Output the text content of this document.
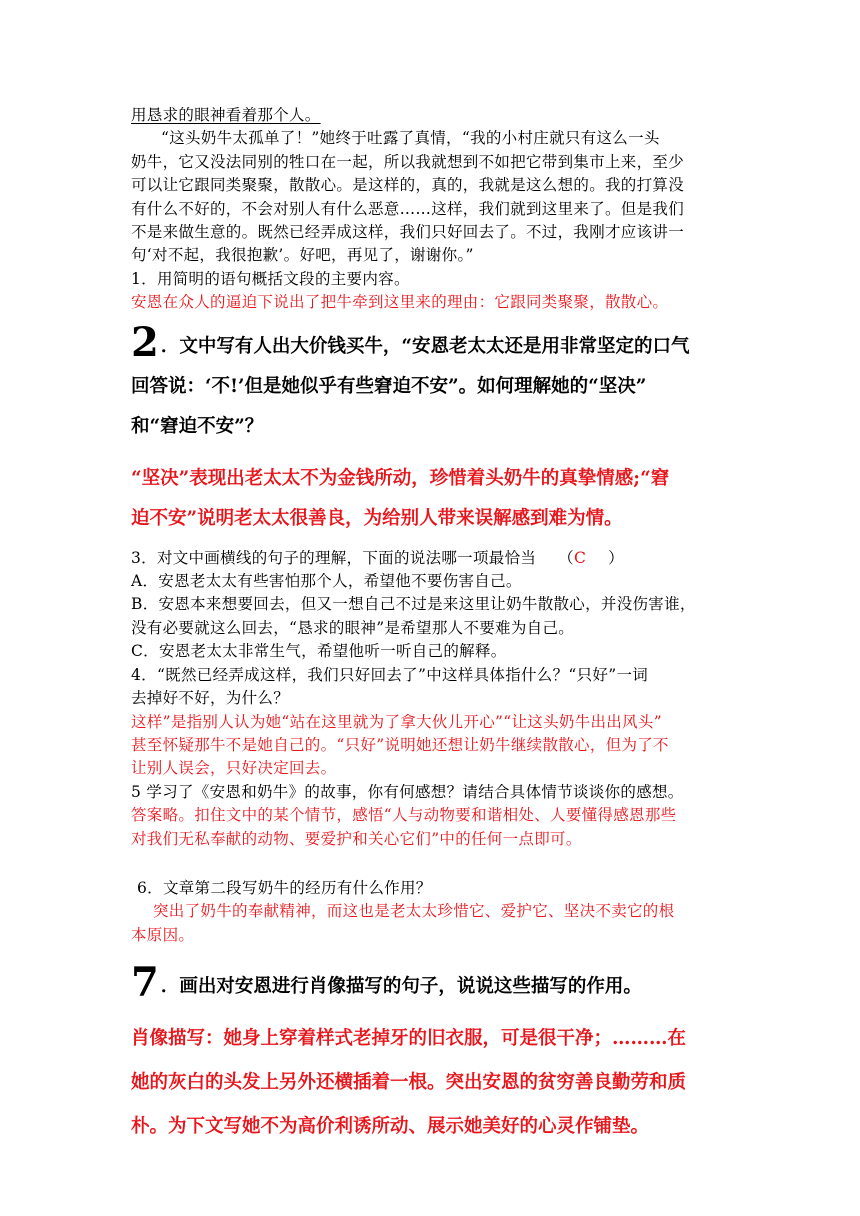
用恳求的眼神看着那个人。
“这头奶牛太孤单了！”她终于吐露了真情，“我的小村庄就只有这么一头
奶牛，它又没法同别的牲口在一起，所以我就想到不如把它带到集市上来，至少
可以让它跟同类聚聚，散散心。是这样的，真的，我就是这么想的。我的打算没
有什么不好的，不会对别人有什么恶意……这样，我们就到这里来了。但是我们
不是来做生意的。既然已经弄成这样，我们只好回去了。不过，我刚才应该讲一
句‘对不起，我很抱歉’。好吧，再见了，谢谢你。”
1．用简明的语句概括文段的主要内容。
安恩在众人的逼迫下说出了把牛牵到这里来的理由：它跟同类聚聚，散散心。
2 ．文中写有人出大价钱买牛，“安恩老太太还是用非常坚定的口气
回答说：‘不!’但是她似乎有些窘迫不安”。如何理解她的“坚决”
和“窘迫不安”？
“坚决”表现出老太太不为金钱所动，珍惜着头奶牛的真挚情感;“窘
迫不安”说明老太太很善良，为给别人带来误解感到难为情。
3．对文中画横线的句子的理解，下面的说法哪一项最恰当 （C ）
A．安恩老太太有些害怕那个人，希望他不要伤害自己。
B．安恩本来想要回去，但又一想自己不过是来这里让奶牛散散心，并没伤害谁，
没有必要就这么回去，“恳求的眼神”是希望那人不要难为自己。
C．安恩老太太非常生气，希望他听一听自己的解释。
4．“既然已经弄成这样，我们只好回去了”中这样具体指什么？“只好”一词
去掉好不好，为什么？
这样”是指别人认为她“站在这里就为了拿大伙儿开心”“让这头奶牛出出风头”
甚至怀疑那牛不是她自己的。“只好”说明她还想让奶牛继续散散心，但为了不
让别人误会，只好决定回去。
5 学习了《安恩和奶牛》的故事，你有何感想？请结合具体情节谈谈你的感想。
答案略。扣住文中的某个情节，感悟“人与动物要和谐相处、人要懂得感恩那些
对我们无私奉献的动物、要爱护和关心它们”中的任何一点即可。
6．文章第二段写奶牛的经历有什么作用？
突出了奶牛的奉献精神，而这也是老太太珍惜它、爱护它、坚决不卖它的根
本原因。
7 ．画出对安恩进行肖像描写的句子，说说这些描写的作用。
肖像描写：她身上穿着样式老掉牙的旧衣服，可是很干净；………在
她的灰白的头发上另外还横插着一根。突出安恩的贫穷善良勤劳和质
朴。为下文写她不为高价利诱所动、展示她美好的心灵作铺垫。
